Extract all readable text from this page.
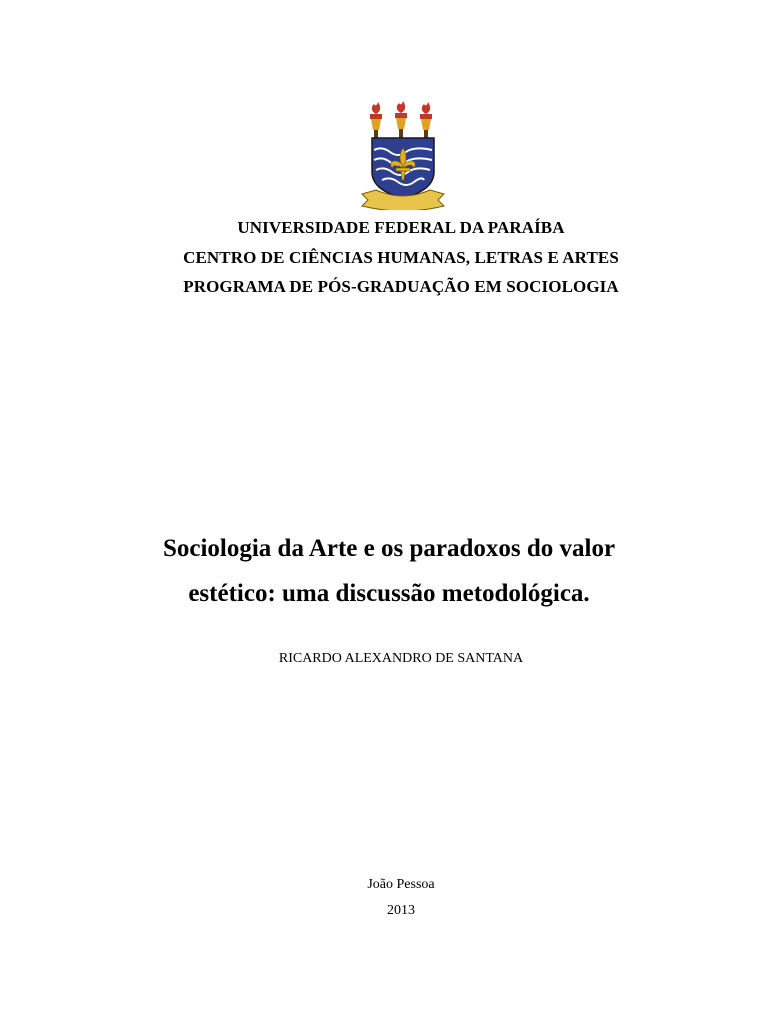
UNIVERSIDADE FEDERAL DA PARAÍBA
CENTRO DE CIÊNCIAS HUMANAS, LETRAS E ARTES
PROGRAMA DE PÓS-GRADUAÇÃO EM SOCIOLOGIA
Sociologia da Arte e os paradoxos do valor
estético: uma discussão metodológica.
RICARDO ALEXANDRO DE SANTANA
João Pessoa
2013
